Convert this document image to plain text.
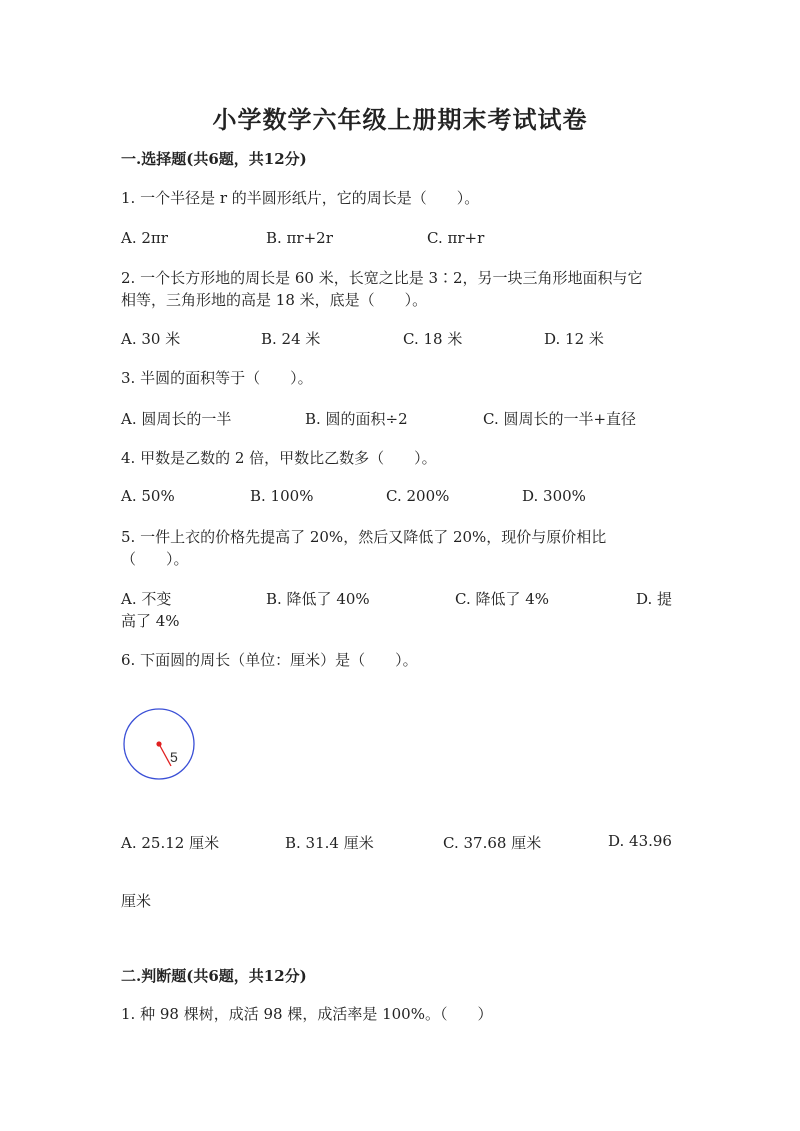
小学数学六年级上册期末考试试卷
一.选择题(共6题，共12分)
1. 一个半径是 r 的半圆形纸片，它的周长是（　　）。
A. 2πr	B. πr+2r	C. πr+r
2. 一个长方形地的周长是 60 米，长宽之比是 3∶2，另一块三角形地面积与它
相等，三角形地的高是 18 米，底是（　　）。
A. 30 米	B. 24 米	C. 18 米	D. 12 米
3. 半圆的面积等于（　　）。
A. 圆周长的一半	B. 圆的面积÷2	C. 圆周长的一半+直径
4. 甲数是乙数的 2 倍，甲数比乙数多（　　）。
A. 50%	B. 100%	C. 200%	D. 300%
5. 一件上衣的价格先提高了 20%，然后又降低了 20%，现价与原价相比
（　　）。
A. 不变	B. 降低了 40%	C. 降低了 4%	D. 提
高了 4%
6. 下面圆的周长（单位：厘米）是（　　）。
5
A. 25.12 厘米	B. 31.4 厘米	C. 37.68 厘米	D. 43.96
厘米
二.判断题(共6题，共12分)
1. 种 98 棵树，成活 98 棵，成活率是 100%。（　　）
